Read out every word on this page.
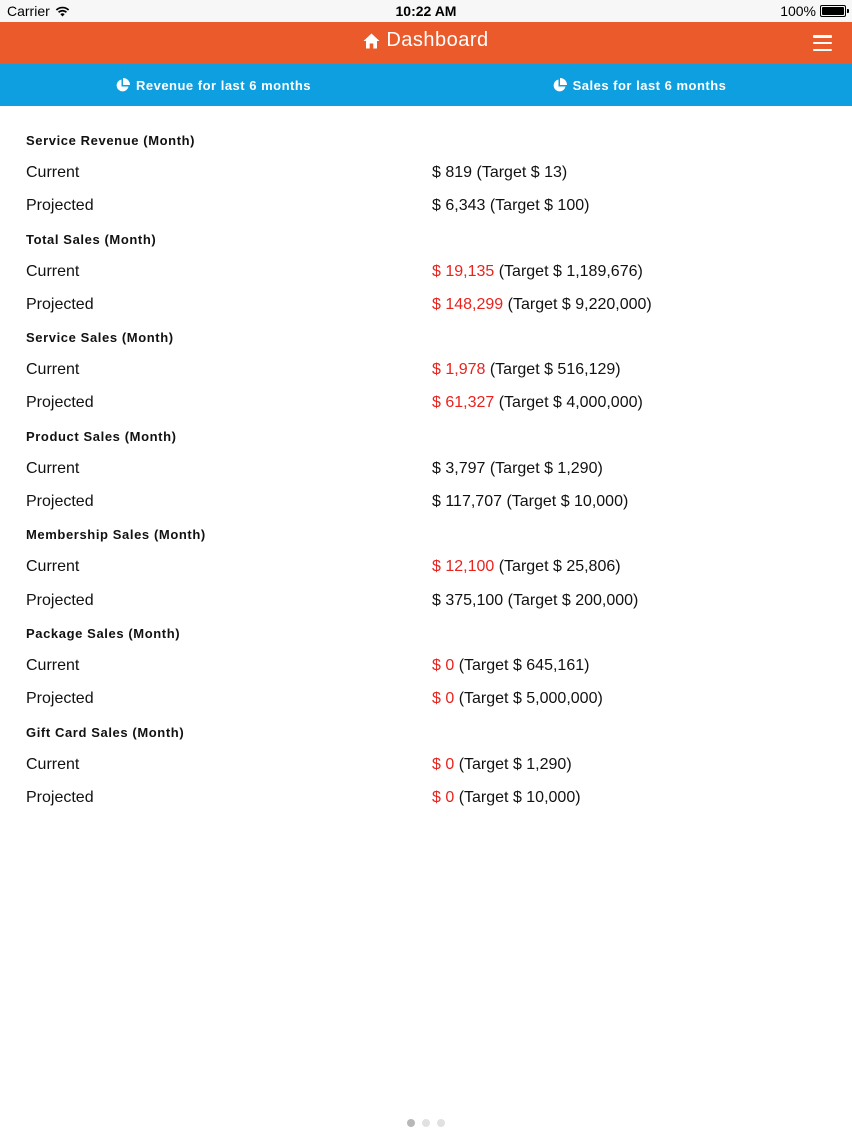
Carrier	10:22 AM	100%
Dashboard
Revenue for last 6 months	Sales for last 6 months
Service Revenue (Month)
Current	$ 819 (Target $ 13)
Projected	$ 6,343 (Target $ 100)
Total Sales (Month)
Current	$ 19,135 (Target $ 1,189,676)
Projected	$ 148,299 (Target $ 9,220,000)
Service Sales (Month)
Current	$ 1,978 (Target $ 516,129)
Projected	$ 61,327 (Target $ 4,000,000)
Product Sales (Month)
Current	$ 3,797 (Target $ 1,290)
Projected	$ 117,707 (Target $ 10,000)
Membership Sales (Month)
Current	$ 12,100 (Target $ 25,806)
Projected	$ 375,100 (Target $ 200,000)
Package Sales (Month)
Current	$ 0 (Target $ 645,161)
Projected	$ 0 (Target $ 5,000,000)
Gift Card Sales (Month)
Current	$ 0 (Target $ 1,290)
Projected	$ 0 (Target $ 10,000)
